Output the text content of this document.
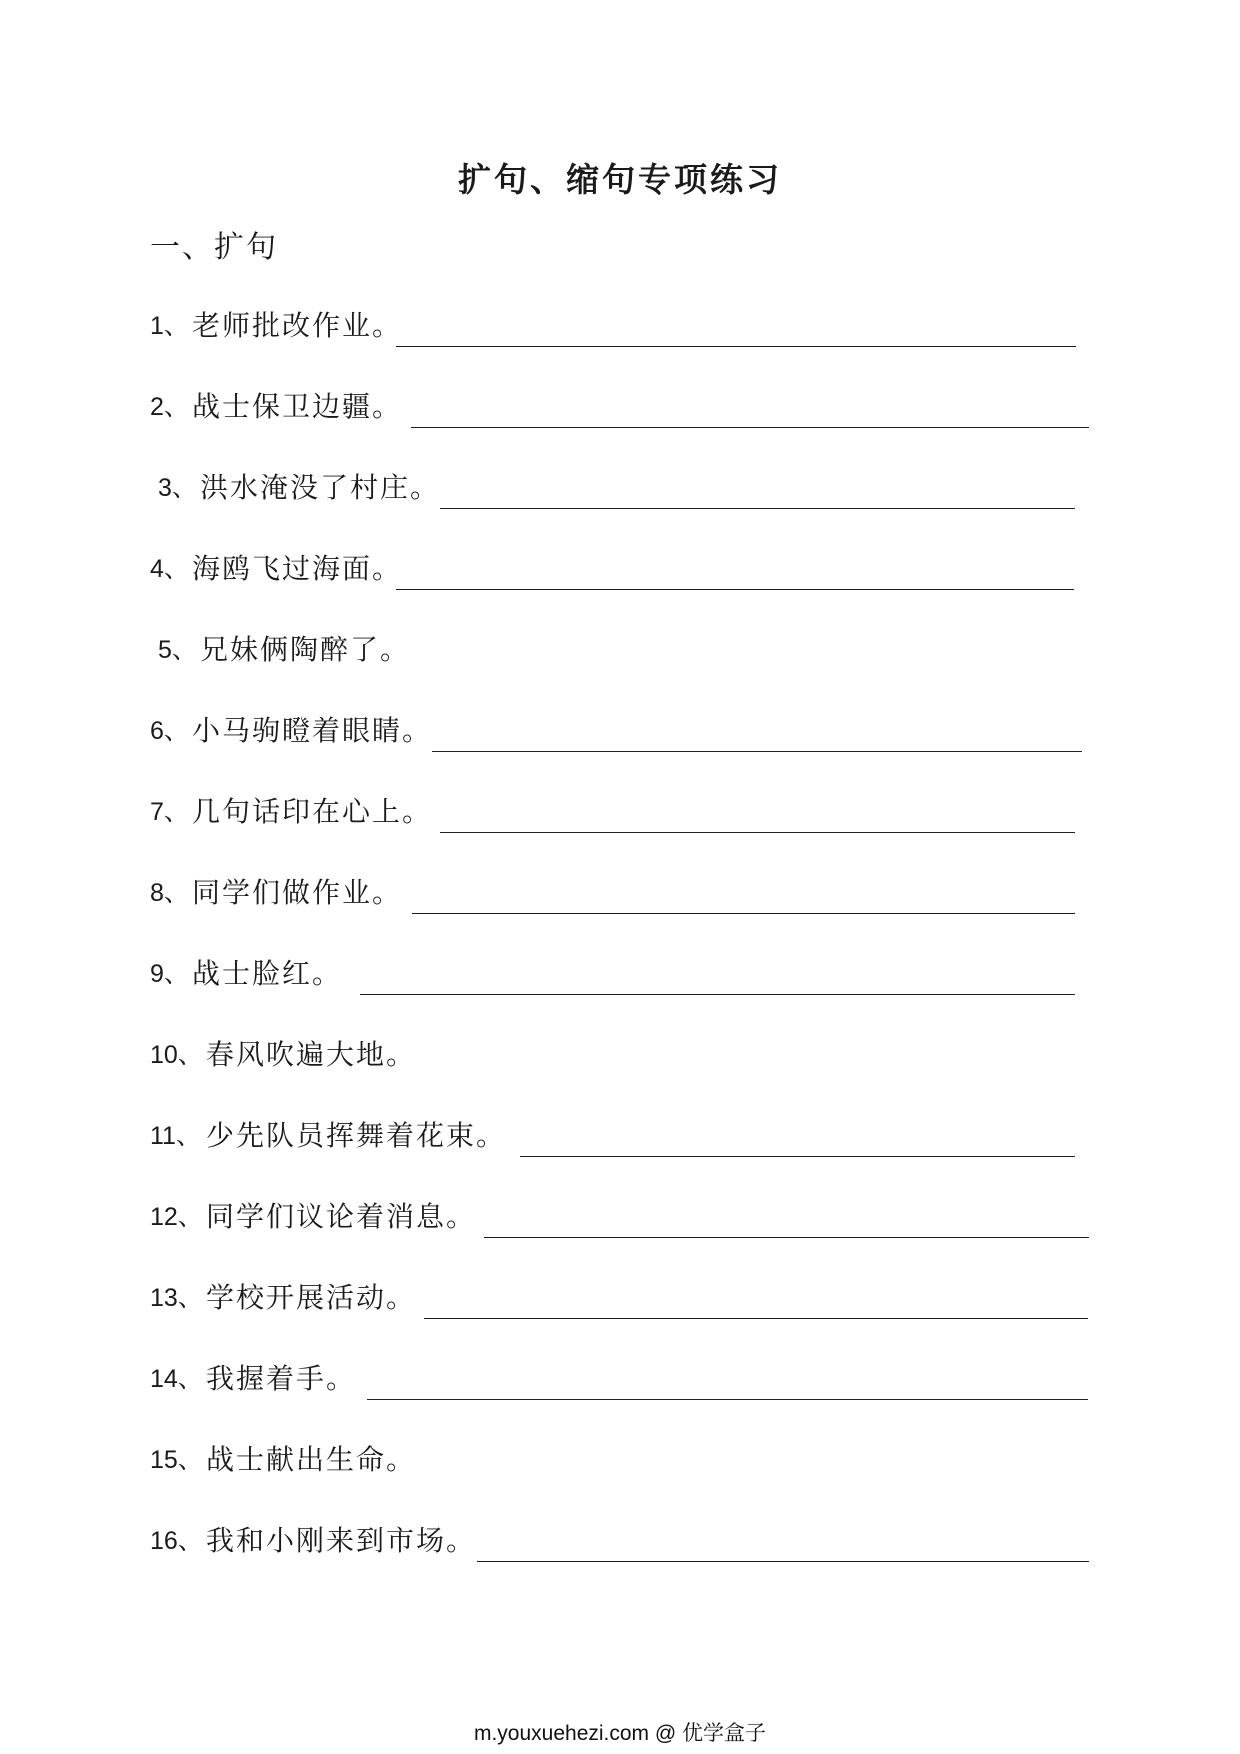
扩句、缩句专项练习
一、扩句
1、 老师批改作业。
2、 战士保卫边疆。
3、 洪水淹没了村庄。
4、 海鸥飞过海面。
5、 兄妹俩陶醉了。
6、 小马驹瞪着眼睛。
7、 几句话印在心上。
8、 同学们做作业。
9、 战士脸红。
10、 春风吹遍大地。
11、 少先队员挥舞着花束。
12、 同学们议论着消息。
13、 学校开展活动。
14、 我握着手。
15、 战士献出生命。
16、 我和小刚来到市场。
m.youxuehezi.com @ 优学盒子
